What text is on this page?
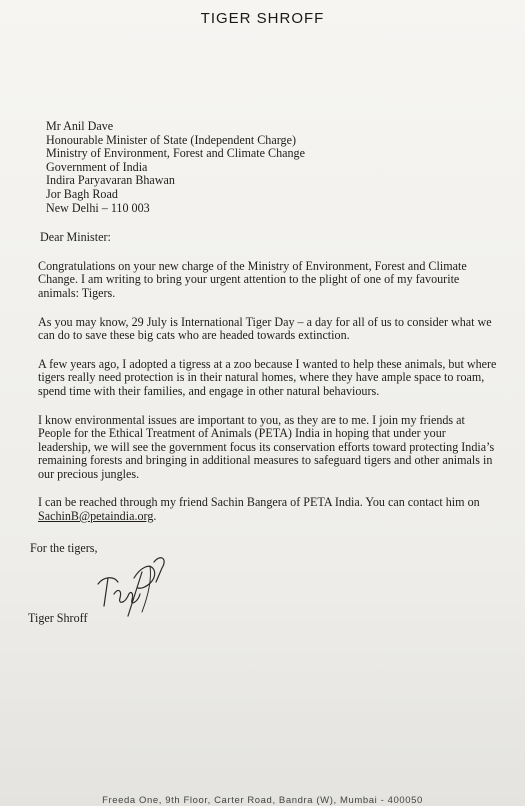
TIGER SHROFF
Mr Anil Dave
Honourable Minister of State (Independent Charge)
Ministry of Environment, Forest and Climate Change
Government of India
Indira Paryavaran Bhawan
Jor Bagh Road
New Delhi – 110 003

Dear Minister:

Congratulations on your new charge of the Ministry of Environment, Forest and Climate Change. I am writing to bring your urgent attention to the plight of one of my favourite animals: Tigers.

As you may know, 29 July is International Tiger Day – a day for all of us to consider what we can do to save these big cats who are headed towards extinction.

A few years ago, I adopted a tigress at a zoo because I wanted to help these animals, but where tigers really need protection is in their natural homes, where they have ample space to roam, spend time with their families, and engage in other natural behaviours.

I know environmental issues are important to you, as they are to me. I join my friends at People for the Ethical Treatment of Animals (PETA) India in hoping that under your leadership, we will see the government focus its conservation efforts toward protecting India’s remaining forests and bringing in additional measures to safeguard tigers and other animals in our precious jungles.

I can be reached through my friend Sachin Bangera of PETA India. You can contact him on SachinB@petaindia.org.

For the tigers,
Tiger Shroff
Freeda One, 9th Floor, Carter Road, Bandra (W), Mumbai - 400050
